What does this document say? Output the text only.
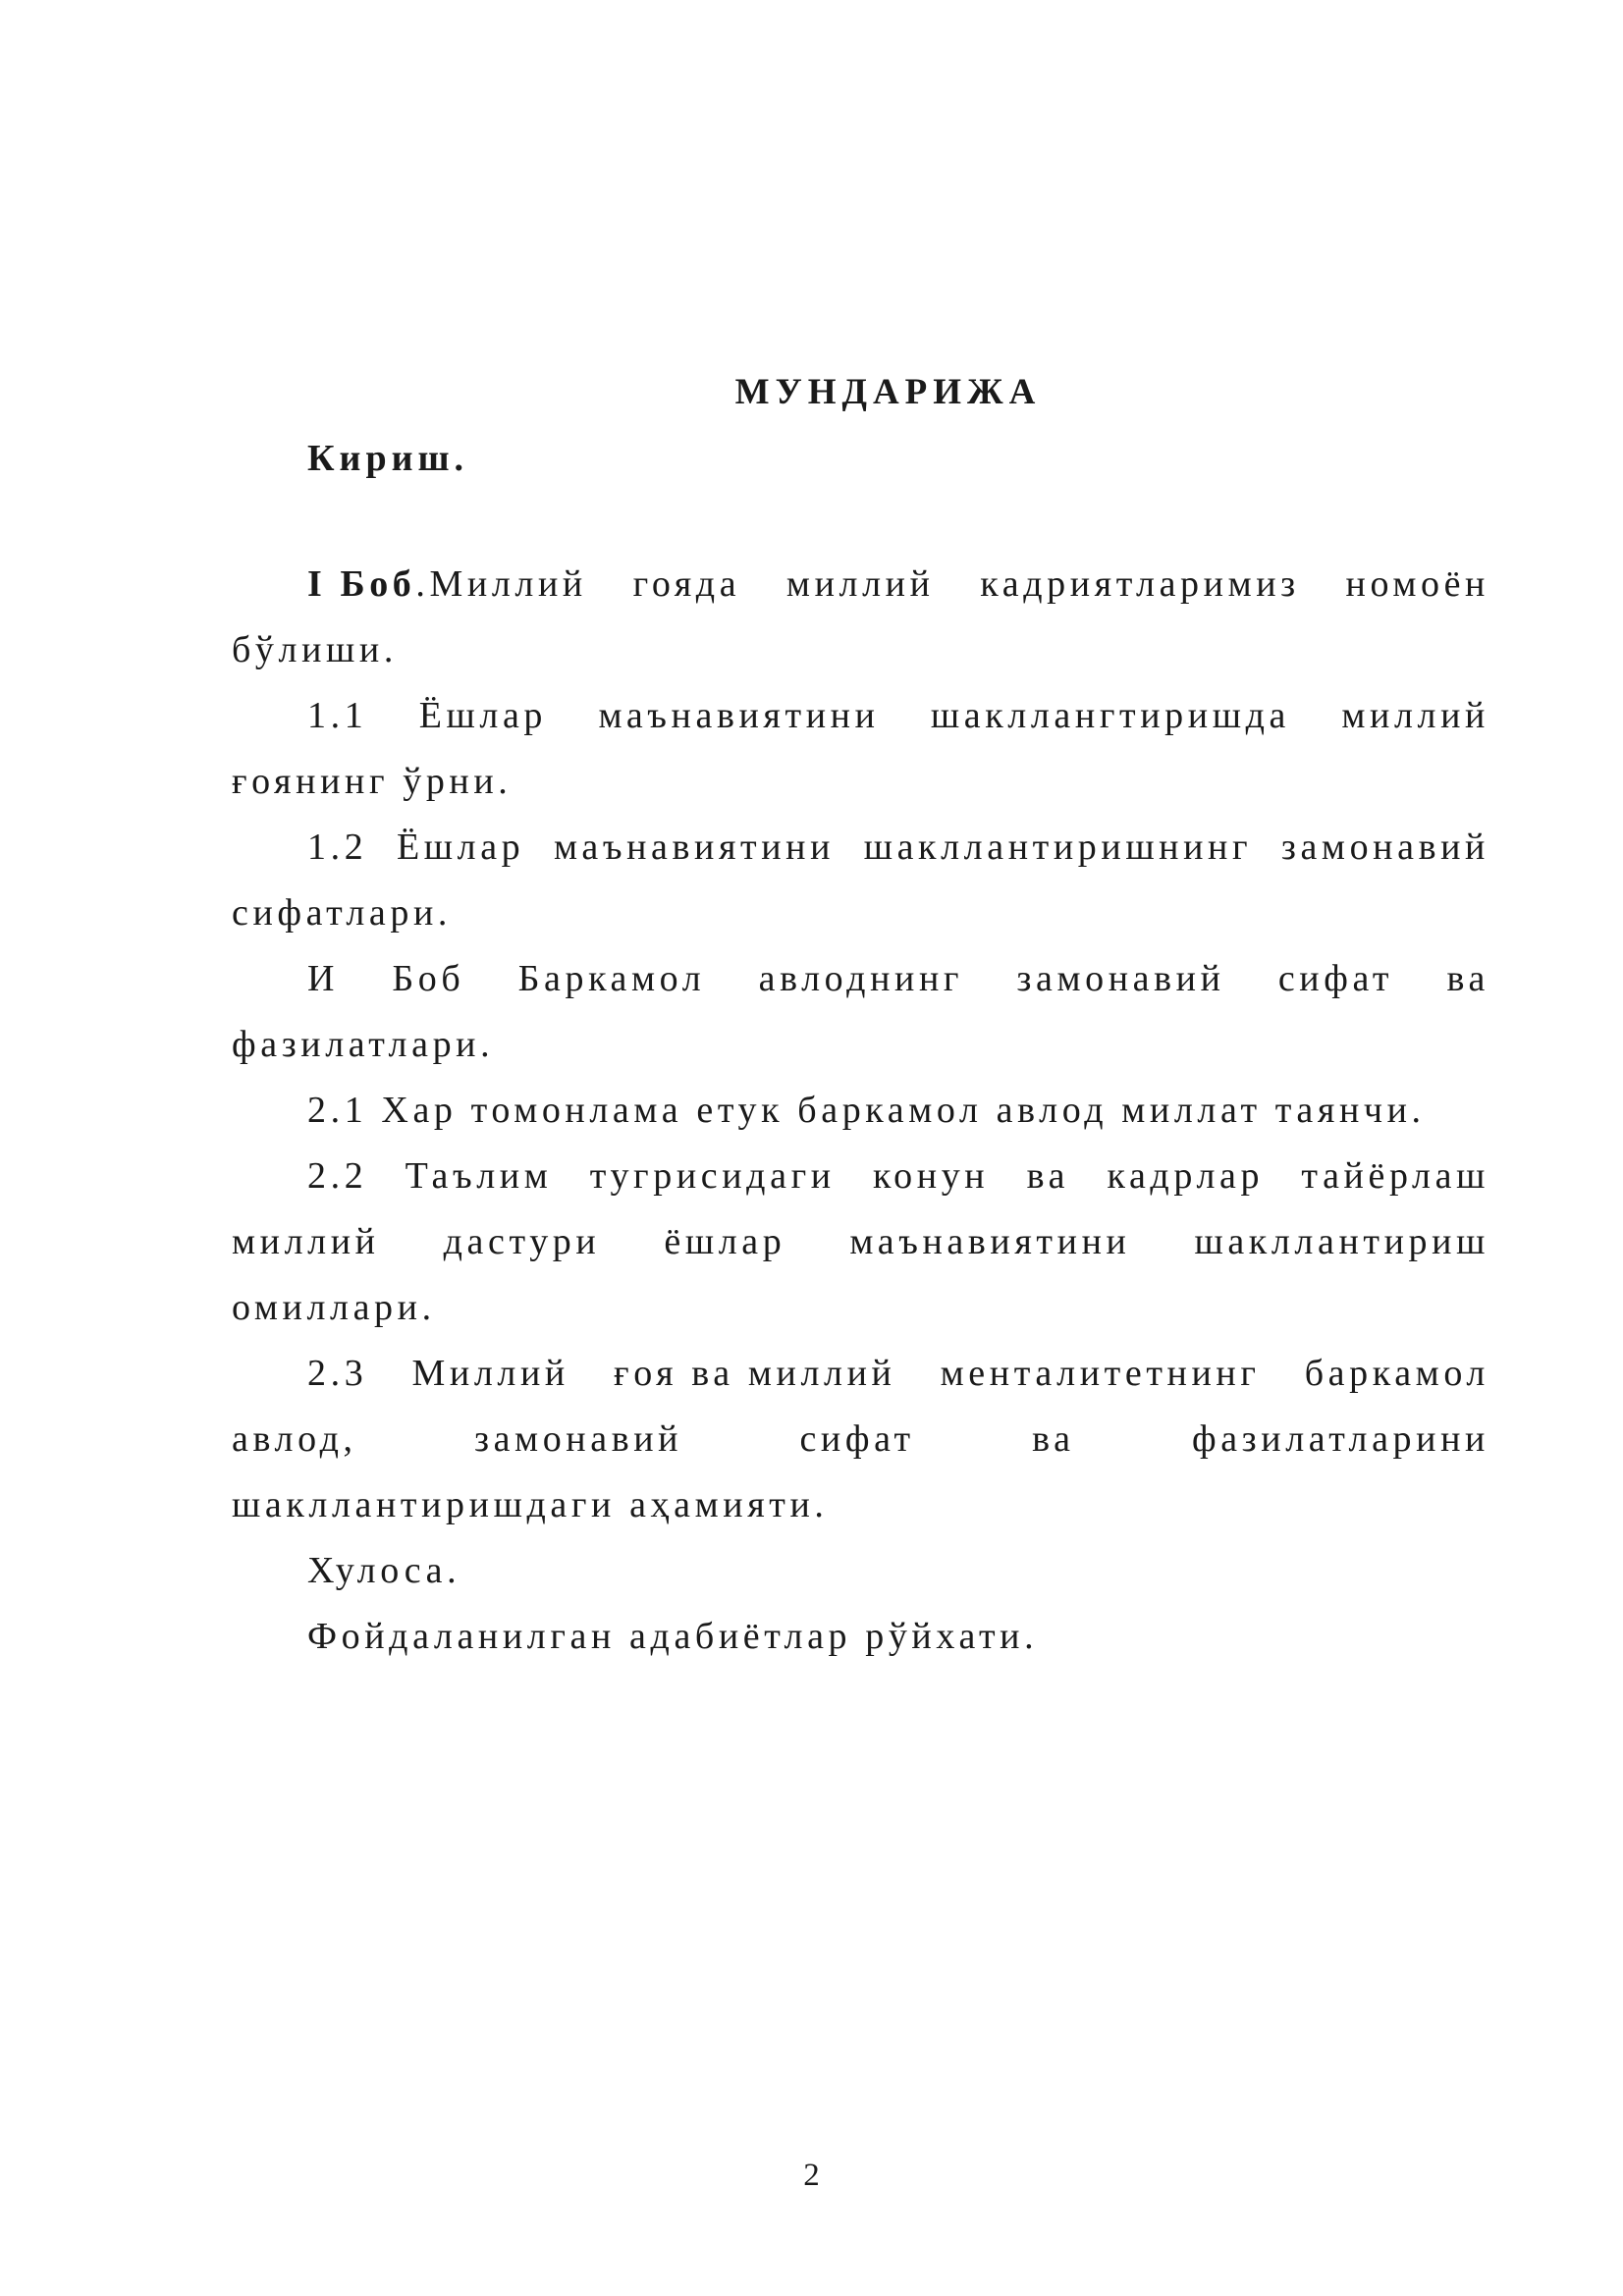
МУНДАРИЖА
Кириш.
I Боб.Миллий гояда миллий кадриятларимиз номоён
бўлиши.
1.1 Ёшлар маънавиятини шакллангтиришда миллий
ғоянинг ўрни.
1.2 Ёшлар маънавиятини шакллантиришнинг замонавий
сифатлари.
И Боб Баркамол авлоднинг замонавий сифат ва
фазилатлари.
2.1 Хар томонлама етук баркамол авлод миллат таянчи.
2.2 Таълим тугрисидаги конун ва кадрлар тайёрлаш
миллий дастури ёшлар маънавиятини шакллантириш
омиллари.
2.3 Миллий ғоя ва миллий менталитетнинг баркамол
авлод,	замонавий	сифат	ва	фазилатларини
шакллантиришдаги аҳамияти.
Хулоса.
Фойдаланилган адабиётлар рўйхати.
2
